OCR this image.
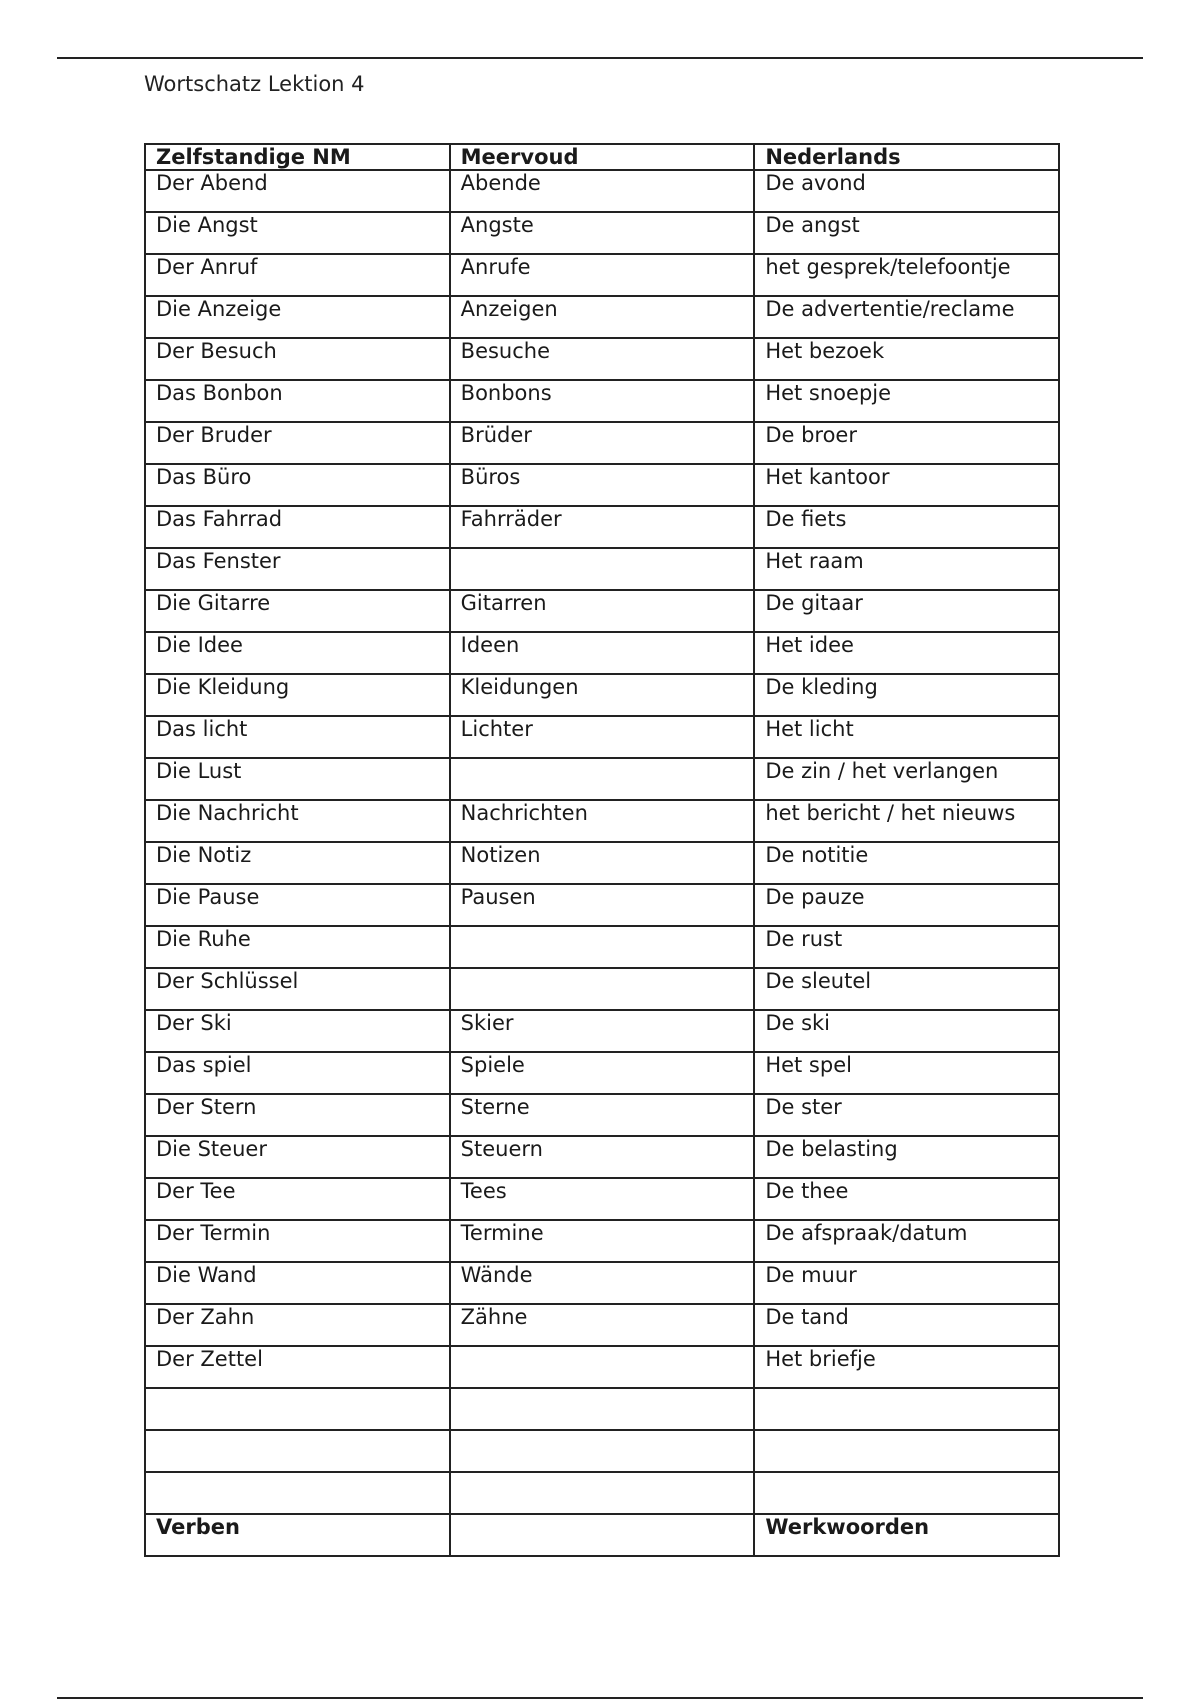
Wortschatz Lektion 4
Zelfstandige NM	Meervoud	Nederlands
Der Abend	Abende	De avond
Die Angst	Angste	De angst
Der Anruf	Anrufe	het gesprek/telefoontje
Die Anzeige	Anzeigen	De advertentie/reclame
Der Besuch	Besuche	Het bezoek
Das Bonbon	Bonbons	Het snoepje
Der Bruder	Brüder	De broer
Das Büro	Büros	Het kantoor
Das Fahrrad	Fahrräder	De fiets
Das Fenster		Het raam
Die Gitarre	Gitarren	De gitaar
Die Idee	Ideen	Het idee
Die Kleidung	Kleidungen	De kleding
Das licht	Lichter	Het licht
Die Lust		De zin / het verlangen
Die Nachricht	Nachrichten	het bericht / het nieuws
Die Notiz	Notizen	De notitie
Die Pause	Pausen	De pauze
Die Ruhe		De rust
Der Schlüssel		De sleutel
Der Ski	Skier	De ski
Das spiel	Spiele	Het spel
Der Stern	Sterne	De ster
Die Steuer	Steuern	De belasting
Der Tee	Tees	De thee
Der Termin	Termine	De afspraak/datum
Die Wand	Wände	De muur
Der Zahn	Zähne	De tand
Der Zettel		Het briefje

Verben		Werkwoorden
